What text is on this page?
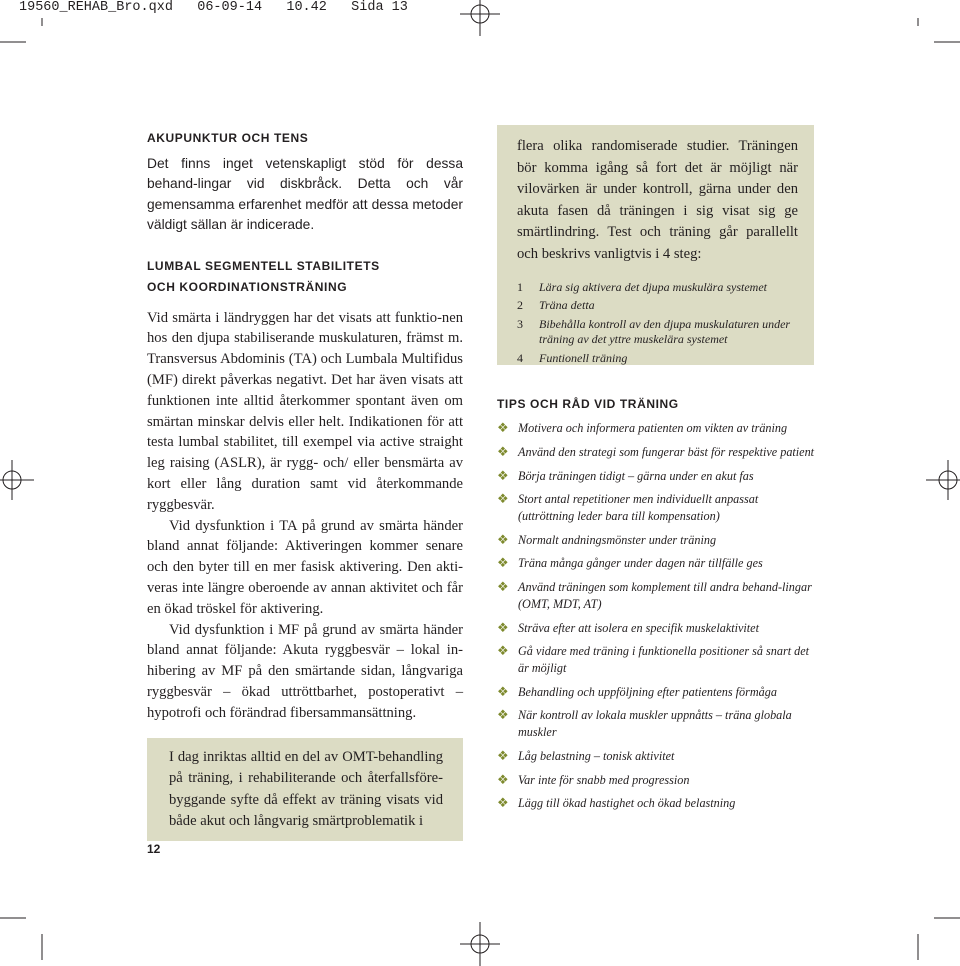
19560_REHAB_Bro.qxd   06-09-14   10.42   Sida 13

AKUPUNKTUR OCH TENS

Det finns inget vetenskapligt stöd för dessa behand-lingar vid diskbråck. Detta och vår gemensamma erfarenhet medför att dessa metoder väldigt sällan är indicerade.

LUMBAL SEGMENTELL STABILITETS

OCH KOORDINATIONSTRÄNING

Vid smärta i ländryggen har det visats att funktio-nen hos den djupa stabiliserande muskulaturen, främst m. Transversus Abdominis (TA) och Lumbala Multifidus (MF) direkt påverkas negativt. Det har även visats att funktionen inte alltid återkommer spontant även om smärtan minskar delvis eller helt. Indikationen för att testa lumbal stabilitet, till exempel via active straight leg raising (ASLR), är rygg- och/ eller bensmärta av kort eller lång duration samt vid återkommande ryggbesvär.

Vid dysfunktion i TA på grund av smärta händer bland annat följande: Aktiveringen kommer senare och den byter till en mer fasisk aktivering. Den akti-veras inte längre oberoende av annan aktivitet och får en ökad tröskel för aktivering.

Vid dysfunktion i MF på grund av smärta händer bland annat följande: Akuta ryggbesvär – lokal in-hibering av MF på den smärtande sidan, långvariga ryggbesvär – ökad uttröttbarhet, postoperativt – hypotrofi och förändrad fibersammansättning.

I dag inriktas alltid en del av OMT-behandling på träning, i rehabiliterande och återfallsföre-byggande syfte då effekt av träning visats vid både akut och långvarig smärtproblematik i

flera olika randomiserade studier. Träningen bör komma igång så fort det är möjligt när vilovärken är under kontroll, gärna under den akuta fasen då träningen i sig visat sig ge smärtlindring. Test och träning går parallellt och beskrivs vanligtvis i 4 steg:

1	Lära sig aktivera det djupa muskulära systemet
2	Träna detta
3	Bibehålla kontroll av den djupa muskulaturen under träning av det yttre muskelära systemet
4	Funtionell träning

TIPS OCH RÅD VID TRÄNING

❖ Motivera och informera patienten om vikten av träning
❖ Använd den strategi som fungerar bäst för respektive patient
❖ Börja träningen tidigt – gärna under en akut fas
❖ Stort antal repetitioner men individuellt anpassat (uttröttning leder bara till kompensation)
❖ Normalt andningsmönster under träning
❖ Träna många gånger under dagen när tillfälle ges
❖ Använd träningen som komplement till andra behand-lingar (OMT, MDT, AT)
❖ Sträva efter att isolera en specifik muskelaktivitet
❖ Gå vidare med träning i funktionella positioner så snart det är möjligt
❖ Behandling och uppföljning efter patientens förmåga
❖ När kontroll av lokala muskler uppnåtts – träna globala muskler
❖ Låg belastning – tonisk aktivitet
❖ Var inte för snabb med progression
❖ Lägg till ökad hastighet och ökad belastning
12
